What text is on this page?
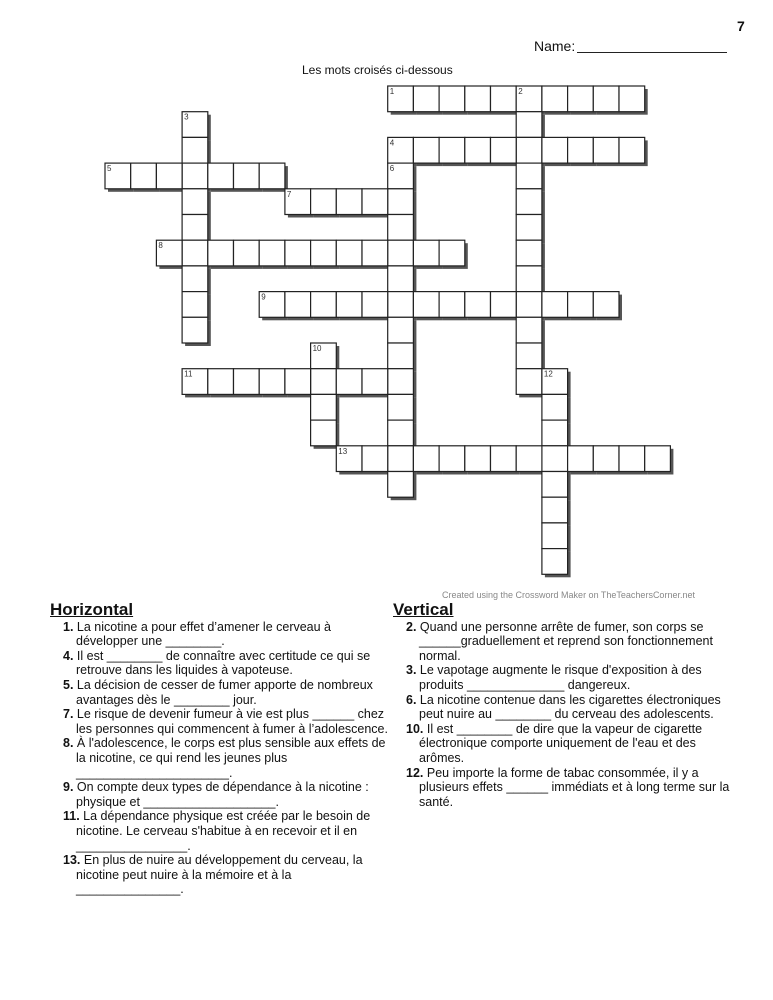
7
Name:
Les mots croisés ci-dessous
1	2
3
4
5	6
7
8
9
10
11	12
13
Created using the Crossword Maker on TheTeachersCorner.net
Horizontal
1. La nicotine a pour effet d’amener le cerveau à développer une ________.
4. Il est ________ de connaître avec certitude ce qui se retrouve dans les liquides à vapoteuse.
5. La décision de cesser de fumer apporte de nombreux avantages dès le ________ jour.
7. Le risque de devenir fumeur à vie est plus ______ chez les personnes qui commencent à fumer à l’adolescence.
8. À l'adolescence, le corps est plus sensible aux effets de la nicotine, ce qui rend les jeunes plus ______________________.
9. On compte deux types de dépendance à la nicotine : physique et ___________________.
11. La dépendance physique est créée par le besoin de nicotine. Le cerveau s'habitue à en recevoir et il en ________________.
13. En plus de nuire au développement du cerveau, la nicotine peut nuire à la mémoire et à la _______________.
Vertical
2. Quand une personne arrête de fumer, son corps se ______graduellement et reprend son fonctionnement normal.
3. Le vapotage augmente le risque d'exposition à des produits ______________ dangereux.
6. La nicotine contenue dans les cigarettes électroniques peut nuire au ________ du cerveau des adolescents.
10. Il est ________ de dire que la vapeur de cigarette électronique comporte uniquement de l'eau et des arômes.
12. Peu importe la forme de tabac consommée, il y a plusieurs effets ______ immédiats et à long terme sur la santé.
